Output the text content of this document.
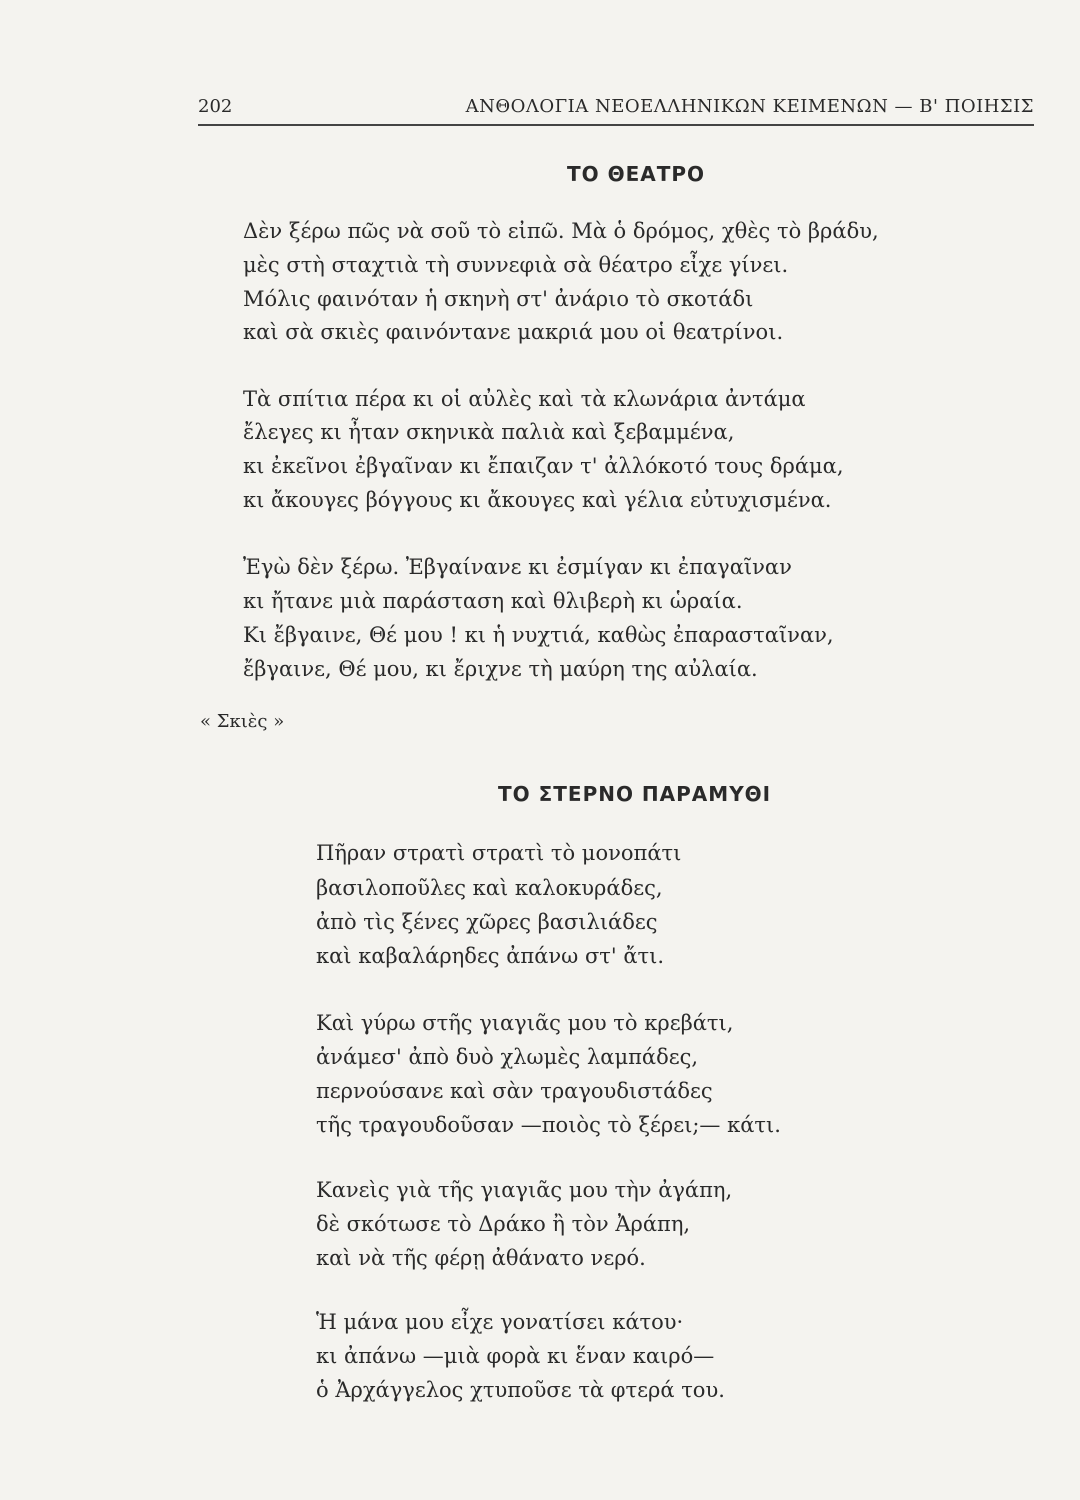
202	ΑΝΘΟΛΟΓΙΑ ΝΕΟΕΛΛΗΝΙΚΩΝ ΚΕΙΜΕΝΩΝ — Β' ΠΟΙΗΣΙΣ
ΤΟ ΘΕΑΤΡΟ
Δὲν ξέρω πῶς νὰ σοῦ τὸ εἰπῶ. Μὰ ὁ δρόμος, χθὲς τὸ βράδυ,
μὲς στὴ σταχτιὰ τὴ συννεφιὰ σὰ θέατρο εἶχε γίνει.
Μόλις φαινόταν ἡ σκηνὴ στ' ἀνάριο τὸ σκοτάδι
καὶ σὰ σκιὲς φαινόντανε μακριά μου οἱ θεατρίνοι.
Τὰ σπίτια πέρα κι οἱ αὐλὲς καὶ τὰ κλωνάρια ἀντάμα
ἔλεγες κι ἦταν σκηνικὰ παλιὰ καὶ ξεβαμμένα,
κι ἐκεῖνοι ἐβγαῖναν κι ἔπαιζαν τ' ἀλλόκοτό τους δράμα,
κι ἄκουγες βόγγους κι ἄκουγες καὶ γέλια εὐτυχισμένα.
Ἐγὼ δὲν ξέρω. Ἐβγαίνανε κι ἐσμίγαν κι ἐπαγαῖναν
κι ἤτανε μιὰ παράσταση καὶ θλιβερὴ κι ὡραία.
Κι ἔβγαινε, Θέ μου ! κι ἡ νυχτιά, καθὼς ἐπαρασταῖναν,
ἔβγαινε, Θέ μου, κι ἔριχνε τὴ μαύρη της αὐλαία.
« Σκιὲς »
ΤΟ ΣΤΕΡΝΟ ΠΑΡΑΜΥΘΙ
Πῆραν στρατὶ στρατὶ τὸ μονοπάτι
βασιλοποῦλες καὶ καλοκυράδες,
ἀπὸ τὶς ξένες χῶρες βασιλιάδες
καὶ καβαλάρηδες ἀπάνω στ' ἄτι.
Καὶ γύρω στῆς γιαγιᾶς μου τὸ κρεβάτι,
ἀνάμεσ' ἀπὸ δυὸ χλωμὲς λαμπάδες,
περνούσανε καὶ σὰν τραγουδιστάδες
τῆς τραγουδοῦσαν —ποιὸς τὸ ξέρει;— κάτι.
Κανεὶς γιὰ τῆς γιαγιᾶς μου τὴν ἀγάπη,
δὲ σκότωσε τὸ Δράκο ἢ τὸν Ἀράπη,
καὶ νὰ τῆς φέρῃ ἀθάνατο νερό.
Ἡ μάνα μου εἶχε γονατίσει κάτου·
κι ἀπάνω —μιὰ φορὰ κι ἕναν καιρό—
ὁ Ἀρχάγγελος χτυποῦσε τὰ φτερά του.
